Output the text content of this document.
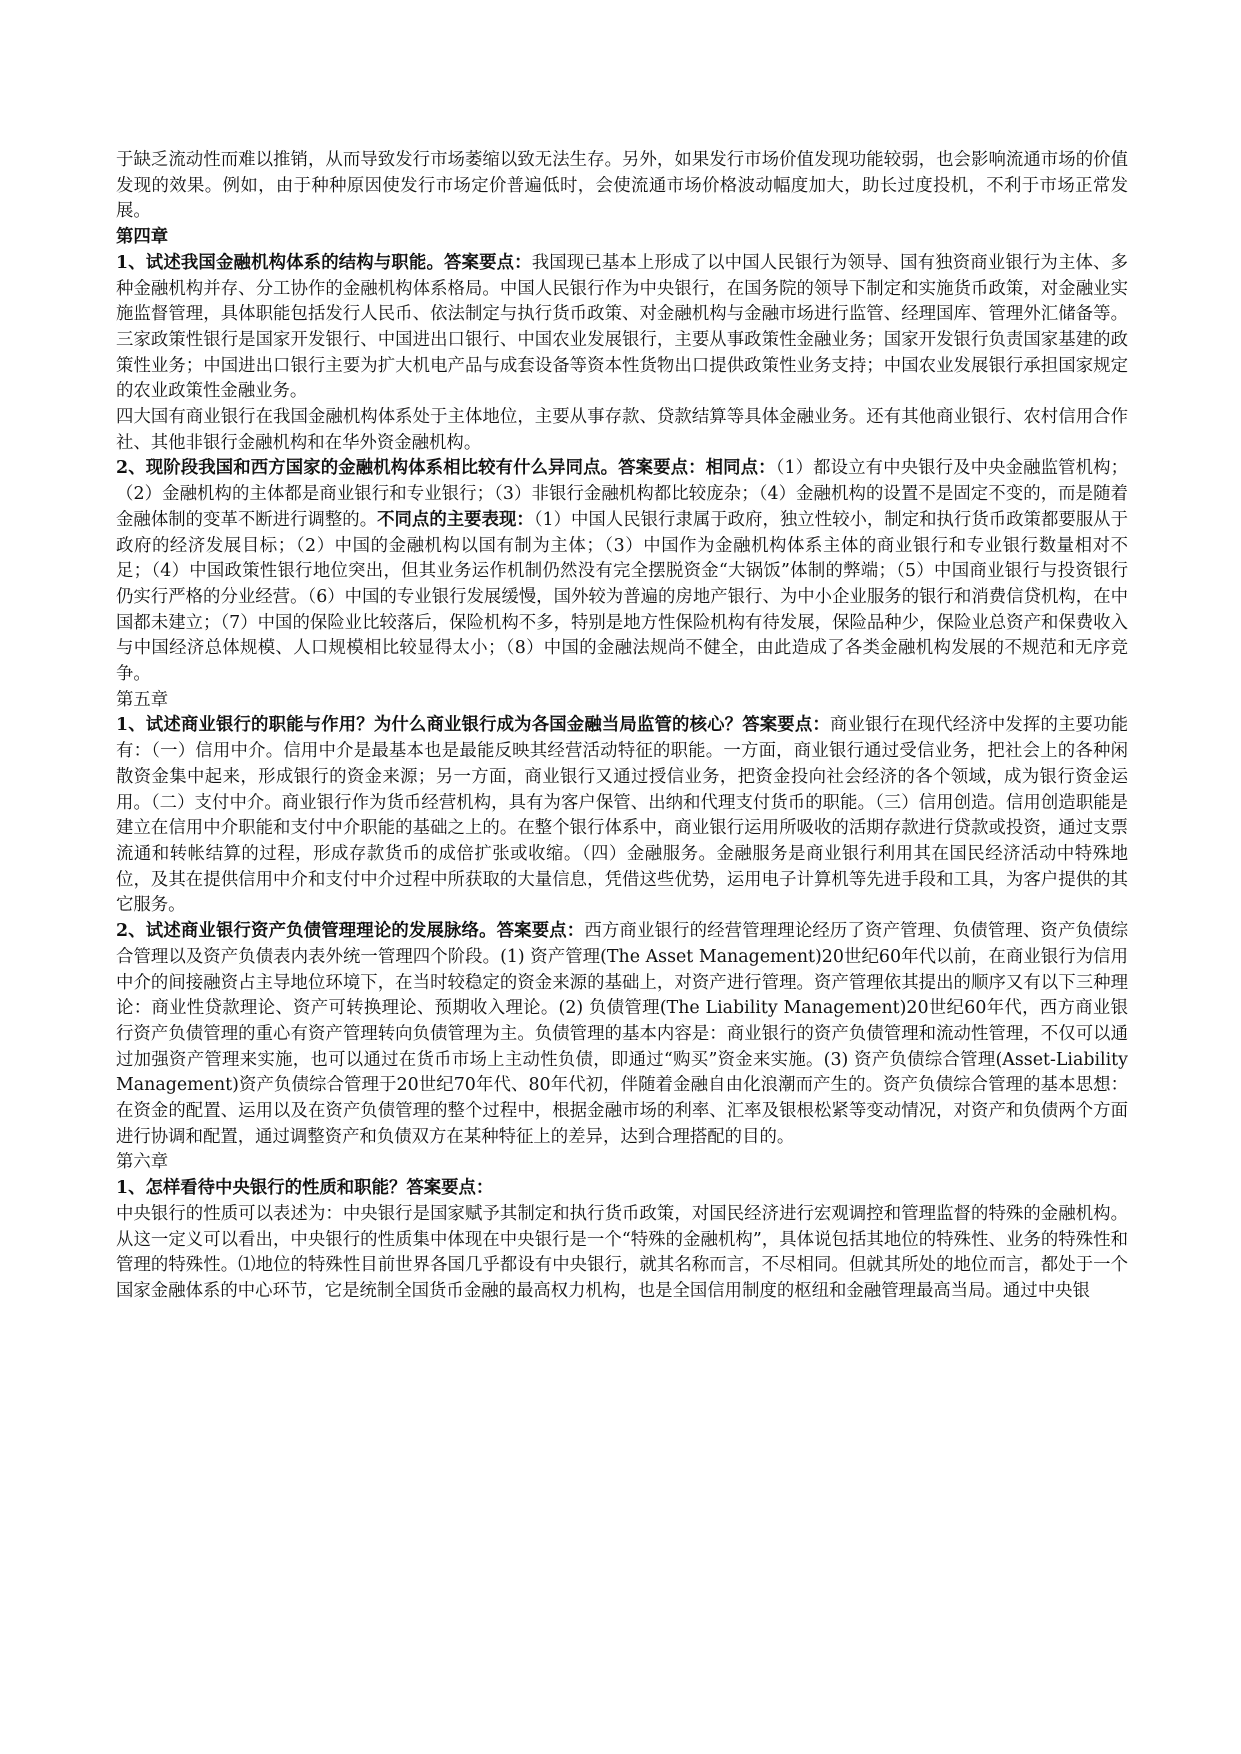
于缺乏流动性而难以推销，从而导致发行市场萎缩以致无法生存。另外，如果发行市场价值发现功能较弱，也会影响流通市场的价值发现的效果。例如，由于种种原因使发行市场定价普遍低时，会使流通市场价格波动幅度加大，助长过度投机，不利于市场正常发展。

第四章

1、试述我国金融机构体系的结构与职能。答案要点：我国现已基本上形成了以中国人民银行为领导、国有独资商业银行为主体、多种金融机构并存、分工协作的金融机构体系格局。中国人民银行作为中央银行，在国务院的领导下制定和实施货币政策，对金融业实施监督管理，具体职能包括发行人民币、依法制定与执行货币政策、对金融机构与金融市场进行监管、经理国库、管理外汇储备等。三家政策性银行是国家开发银行、中国进出口银行、中国农业发展银行，主要从事政策性金融业务；国家开发银行负责国家基建的政策性业务；中国进出口银行主要为扩大机电产品与成套设备等资本性货物出口提供政策性业务支持；中国农业发展银行承担国家规定的农业政策性金融业务。

四大国有商业银行在我国金融机构体系处于主体地位，主要从事存款、贷款结算等具体金融业务。还有其他商业银行、农村信用合作社、其他非银行金融机构和在华外资金融机构。

2、现阶段我国和西方国家的金融机构体系相比较有什么异同点。答案要点：相同点：（1）都设立有中央银行及中央金融监管机构；（2）金融机构的主体都是商业银行和专业银行；（3）非银行金融机构都比较庞杂；（4）金融机构的设置不是固定不变的，而是随着金融体制的变革不断进行调整的。不同点的主要表现：（1）中国人民银行隶属于政府，独立性较小，制定和执行货币政策都要服从于政府的经济发展目标；（2）中国的金融机构以国有制为主体；（3）中国作为金融机构体系主体的商业银行和专业银行数量相对不足；（4）中国政策性银行地位突出，但其业务运作机制仍然没有完全摆脱资金“大锅饭”体制的弊端；（5）中国商业银行与投资银行仍实行严格的分业经营。（6）中国的专业银行发展缓慢，国外较为普遍的房地产银行、为中小企业服务的银行和消费信贷机构，在中国都未建立；（7）中国的保险业比较落后，保险机构不多，特别是地方性保险机构有待发展，保险品种少，保险业总资产和保费收入与中国经济总体规模、人口规模相比较显得太小；（8）中国的金融法规尚不健全，由此造成了各类金融机构发展的不规范和无序竞争。

第五章

1、试述商业银行的职能与作用？为什么商业银行成为各国金融当局监管的核心？答案要点：商业银行在现代经济中发挥的主要功能有：（一）信用中介。信用中介是最基本也是最能反映其经营活动特征的职能。一方面，商业银行通过受信业务，把社会上的各种闲散资金集中起来，形成银行的资金来源；另一方面，商业银行又通过授信业务，把资金投向社会经济的各个领域，成为银行资金运用。（二）支付中介。商业银行作为货币经营机构，具有为客户保管、出纳和代理支付货币的职能。（三）信用创造。信用创造职能是建立在信用中介职能和支付中介职能的基础之上的。在整个银行体系中，商业银行运用所吸收的活期存款进行贷款或投资，通过支票流通和转帐结算的过程，形成存款货币的成倍扩张或收缩。（四）金融服务。金融服务是商业银行利用其在国民经济活动中特殊地位，及其在提供信用中介和支付中介过程中所获取的大量信息，凭借这些优势，运用电子计算机等先进手段和工具，为客户提供的其它服务。

2、试述商业银行资产负债管理理论的发展脉络。答案要点：西方商业银行的经营管理理论经历了资产管理、负债管理、资产负债综合管理以及资产负债表内表外统一管理四个阶段。(1) 资产管理(The Asset Management)20世纪60年代以前，在商业银行为信用中介的间接融资占主导地位环境下，在当时较稳定的资金来源的基础上，对资产进行管理。资产管理依其提出的顺序又有以下三种理论：商业性贷款理论、资产可转换理论、预期收入理论。(2) 负债管理(The Liability Management)20世纪60年代，西方商业银行资产负债管理的重心有资产管理转向负债管理为主。负债管理的基本内容是：商业银行的资产负债管理和流动性管理，不仅可以通过加强资产管理来实施，也可以通过在货币市场上主动性负债，即通过“购买”资金来实施。(3) 资产负债综合管理(Asset-Liability Management)资产负债综合管理于20世纪70年代、80年代初，伴随着金融自由化浪潮而产生的。资产负债综合管理的基本思想：在资金的配置、运用以及在资产负债管理的整个过程中，根据金融市场的利率、汇率及银根松紧等变动情况，对资产和负债两个方面进行协调和配置，通过调整资产和负债双方在某种特征上的差异，达到合理搭配的目的。

第六章

1、怎样看待中央银行的性质和职能？答案要点：

中央银行的性质可以表述为：中央银行是国家赋予其制定和执行货币政策，对国民经济进行宏观调控和管理监督的特殊的金融机构。从这一定义可以看出，中央银行的性质集中体现在中央银行是一个“特殊的金融机构”，具体说包括其地位的特殊性、业务的特殊性和管理的特殊性。⑴地位的特殊性目前世界各国几乎都设有中央银行，就其名称而言，不尽相同。但就其所处的地位而言，都处于一个国家金融体系的中心环节，它是统制全国货币金融的最高权力机构，也是全国信用制度的枢纽和金融管理最高当局。通过中央银
